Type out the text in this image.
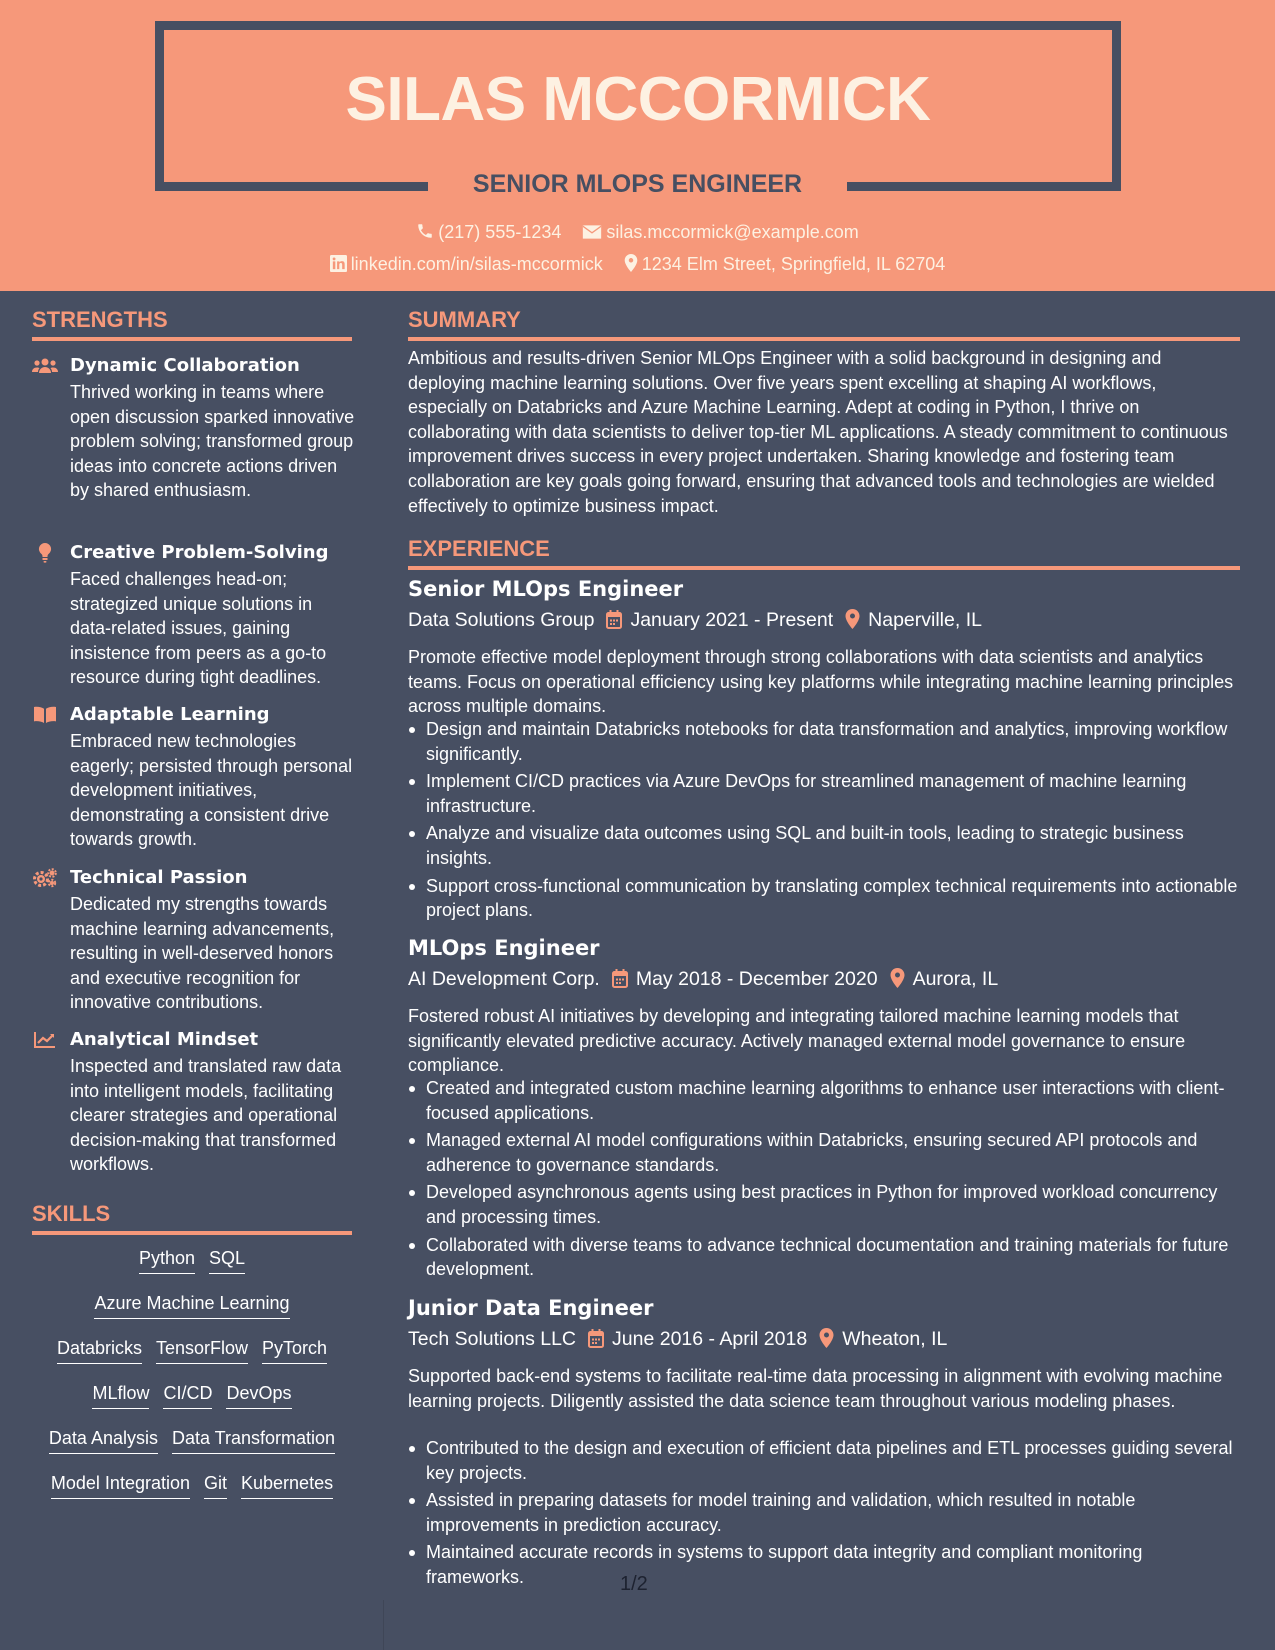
SILAS MCCORMICK
SENIOR MLOPS ENGINEER
(217) 555-1234	silas.mccormick@example.com
linkedin.com/in/silas-mccormick 1234 Elm Street, Springfield, IL 62704
STRENGTHS
Dynamic Collaboration
Thrived working in teams where open discussion sparked innovative problem solving; transformed group ideas into concrete actions driven by shared enthusiasm.
Creative Problem-Solving
Faced challenges head-on; strategized unique solutions in data-related issues, gaining insistence from peers as a go-to resource during tight deadlines.
Adaptable Learning
Embraced new technologies eagerly; persisted through personal development initiatives, demonstrating a consistent drive towards growth.
Technical Passion
Dedicated my strengths towards machine learning advancements, resulting in well-deserved honors and executive recognition for innovative contributions.
Analytical Mindset
Inspected and translated raw data into intelligent models, facilitating clearer strategies and operational decision-making that transformed workflows.
SKILLS
Python SQL
Azure Machine Learning
Databricks TensorFlow PyTorch
MLflow CI/CD DevOps
Data Analysis Data Transformation
Model Integration Git Kubernetes
SUMMARY
Ambitious and results-driven Senior MLOps Engineer with a solid background in designing and deploying machine learning solutions. Over five years spent excelling at shaping AI workflows, especially on Databricks and Azure Machine Learning. Adept at coding in Python, I thrive on collaborating with data scientists to deliver top-tier ML applications. A steady commitment to continuous improvement drives success in every project undertaken. Sharing knowledge and fostering team collaboration are key goals going forward, ensuring that advanced tools and technologies are wielded effectively to optimize business impact.
EXPERIENCE
Senior MLOps Engineer
Data Solutions Group January 2021 - Present Naperville, IL
Promote effective model deployment through strong collaborations with data scientists and analytics teams. Focus on operational efficiency using key platforms while integrating machine learning principles across multiple domains.
Design and maintain Databricks notebooks for data transformation and analytics, improving workflow significantly.
Implement CI/CD practices via Azure DevOps for streamlined management of machine learning infrastructure.
Analyze and visualize data outcomes using SQL and built-in tools, leading to strategic business insights.
Support cross-functional communication by translating complex technical requirements into actionable project plans.
MLOps Engineer
AI Development Corp. May 2018 - December 2020 Aurora, IL
Fostered robust AI initiatives by developing and integrating tailored machine learning models that significantly elevated predictive accuracy. Actively managed external model governance to ensure compliance.
Created and integrated custom machine learning algorithms to enhance user interactions with client-focused applications.
Managed external AI model configurations within Databricks, ensuring secured API protocols and adherence to governance standards.
Developed asynchronous agents using best practices in Python for improved workload concurrency and processing times.
Collaborated with diverse teams to advance technical documentation and training materials for future development.
Junior Data Engineer
Tech Solutions LLC June 2016 - April 2018 Wheaton, IL
Supported back-end systems to facilitate real-time data processing in alignment with evolving machine learning projects. Diligently assisted the data science team throughout various modeling phases.
Contributed to the design and execution of efficient data pipelines and ETL processes guiding several key projects.
Assisted in preparing datasets for model training and validation, which resulted in notable improvements in prediction accuracy.
Maintained accurate records in systems to support data integrity and compliant monitoring frameworks.	1/2
